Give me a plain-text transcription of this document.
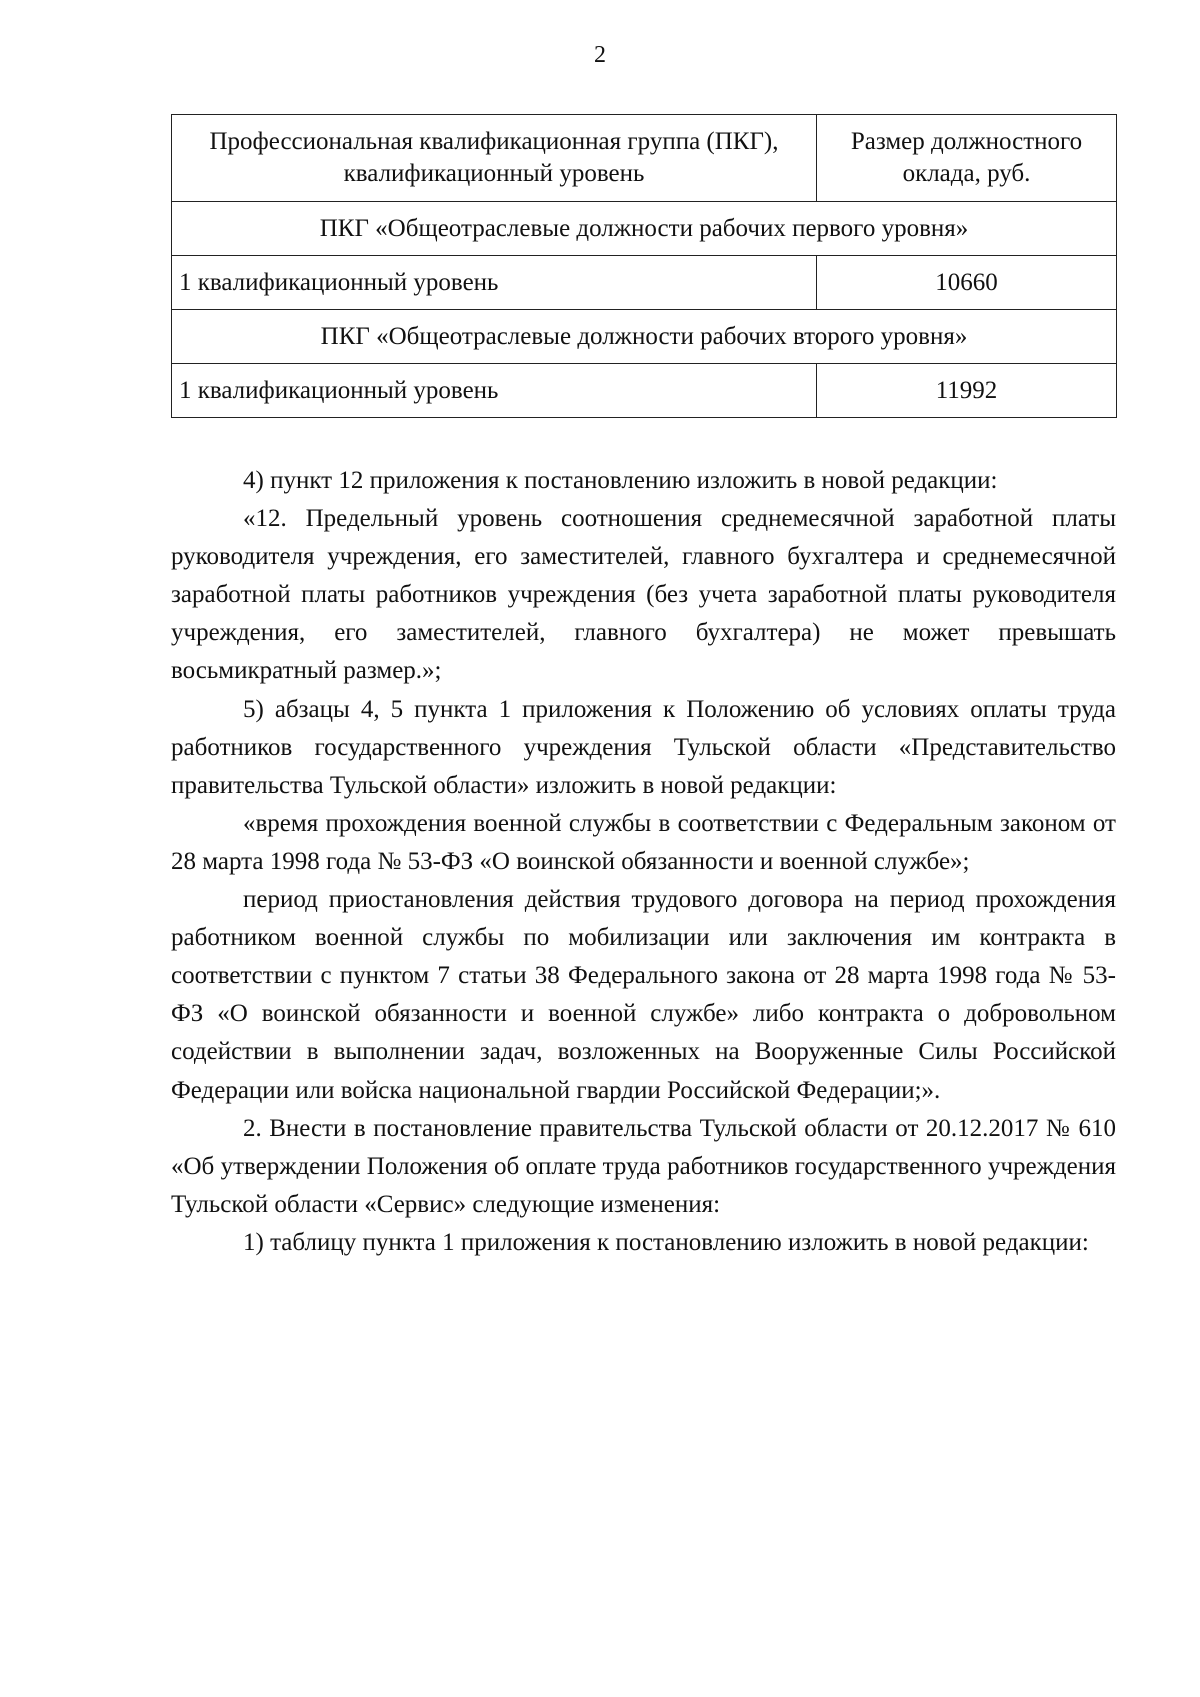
2
Профессиональная квалификационная группа (ПКГ), квалификационный уровень	Размер должностного оклада, руб.
ПКГ «Общеотраслевые должности рабочих первого уровня»	
1 квалификационный уровень	10660
ПКГ «Общеотраслевые должности рабочих второго уровня»	
1 квалификационный уровень	11992

4) пункт 12 приложения к постановлению изложить в новой редакции:

«12. Предельный уровень соотношения среднемесячной заработной платы руководителя учреждения, его заместителей, главного бухгалтера и среднемесячной заработной платы работников учреждения (без учета заработной платы руководителя учреждения, его заместителей, главного бухгалтера) не может превышать восьмикратный размер.»;

5) абзацы 4, 5 пункта 1 приложения к Положению об условиях оплаты труда работников государственного учреждения Тульской области «Представительство правительства Тульской области» изложить в новой редакции:

«время прохождения военной службы в соответствии с Федеральным законом от 28 марта 1998 года № 53-ФЗ «О воинской обязанности и военной службе»;

период приостановления действия трудового договора на период прохождения работником военной службы по мобилизации или заключения им контракта в соответствии с пунктом 7 статьи 38 Федерального закона от 28 марта 1998 года № 53-ФЗ «О воинской обязанности и военной службе» либо контракта о добровольном содействии в выполнении задач, возложенных на Вооруженные Силы Российской Федерации или войска национальной гвардии Российской Федерации;».

2. Внести в постановление правительства Тульской области от 20.12.2017 № 610 «Об утверждении Положения об оплате труда работников государственного учреждения Тульской области «Сервис» следующие изменения:

1) таблицу пункта 1 приложения к постановлению изложить в новой редакции:
